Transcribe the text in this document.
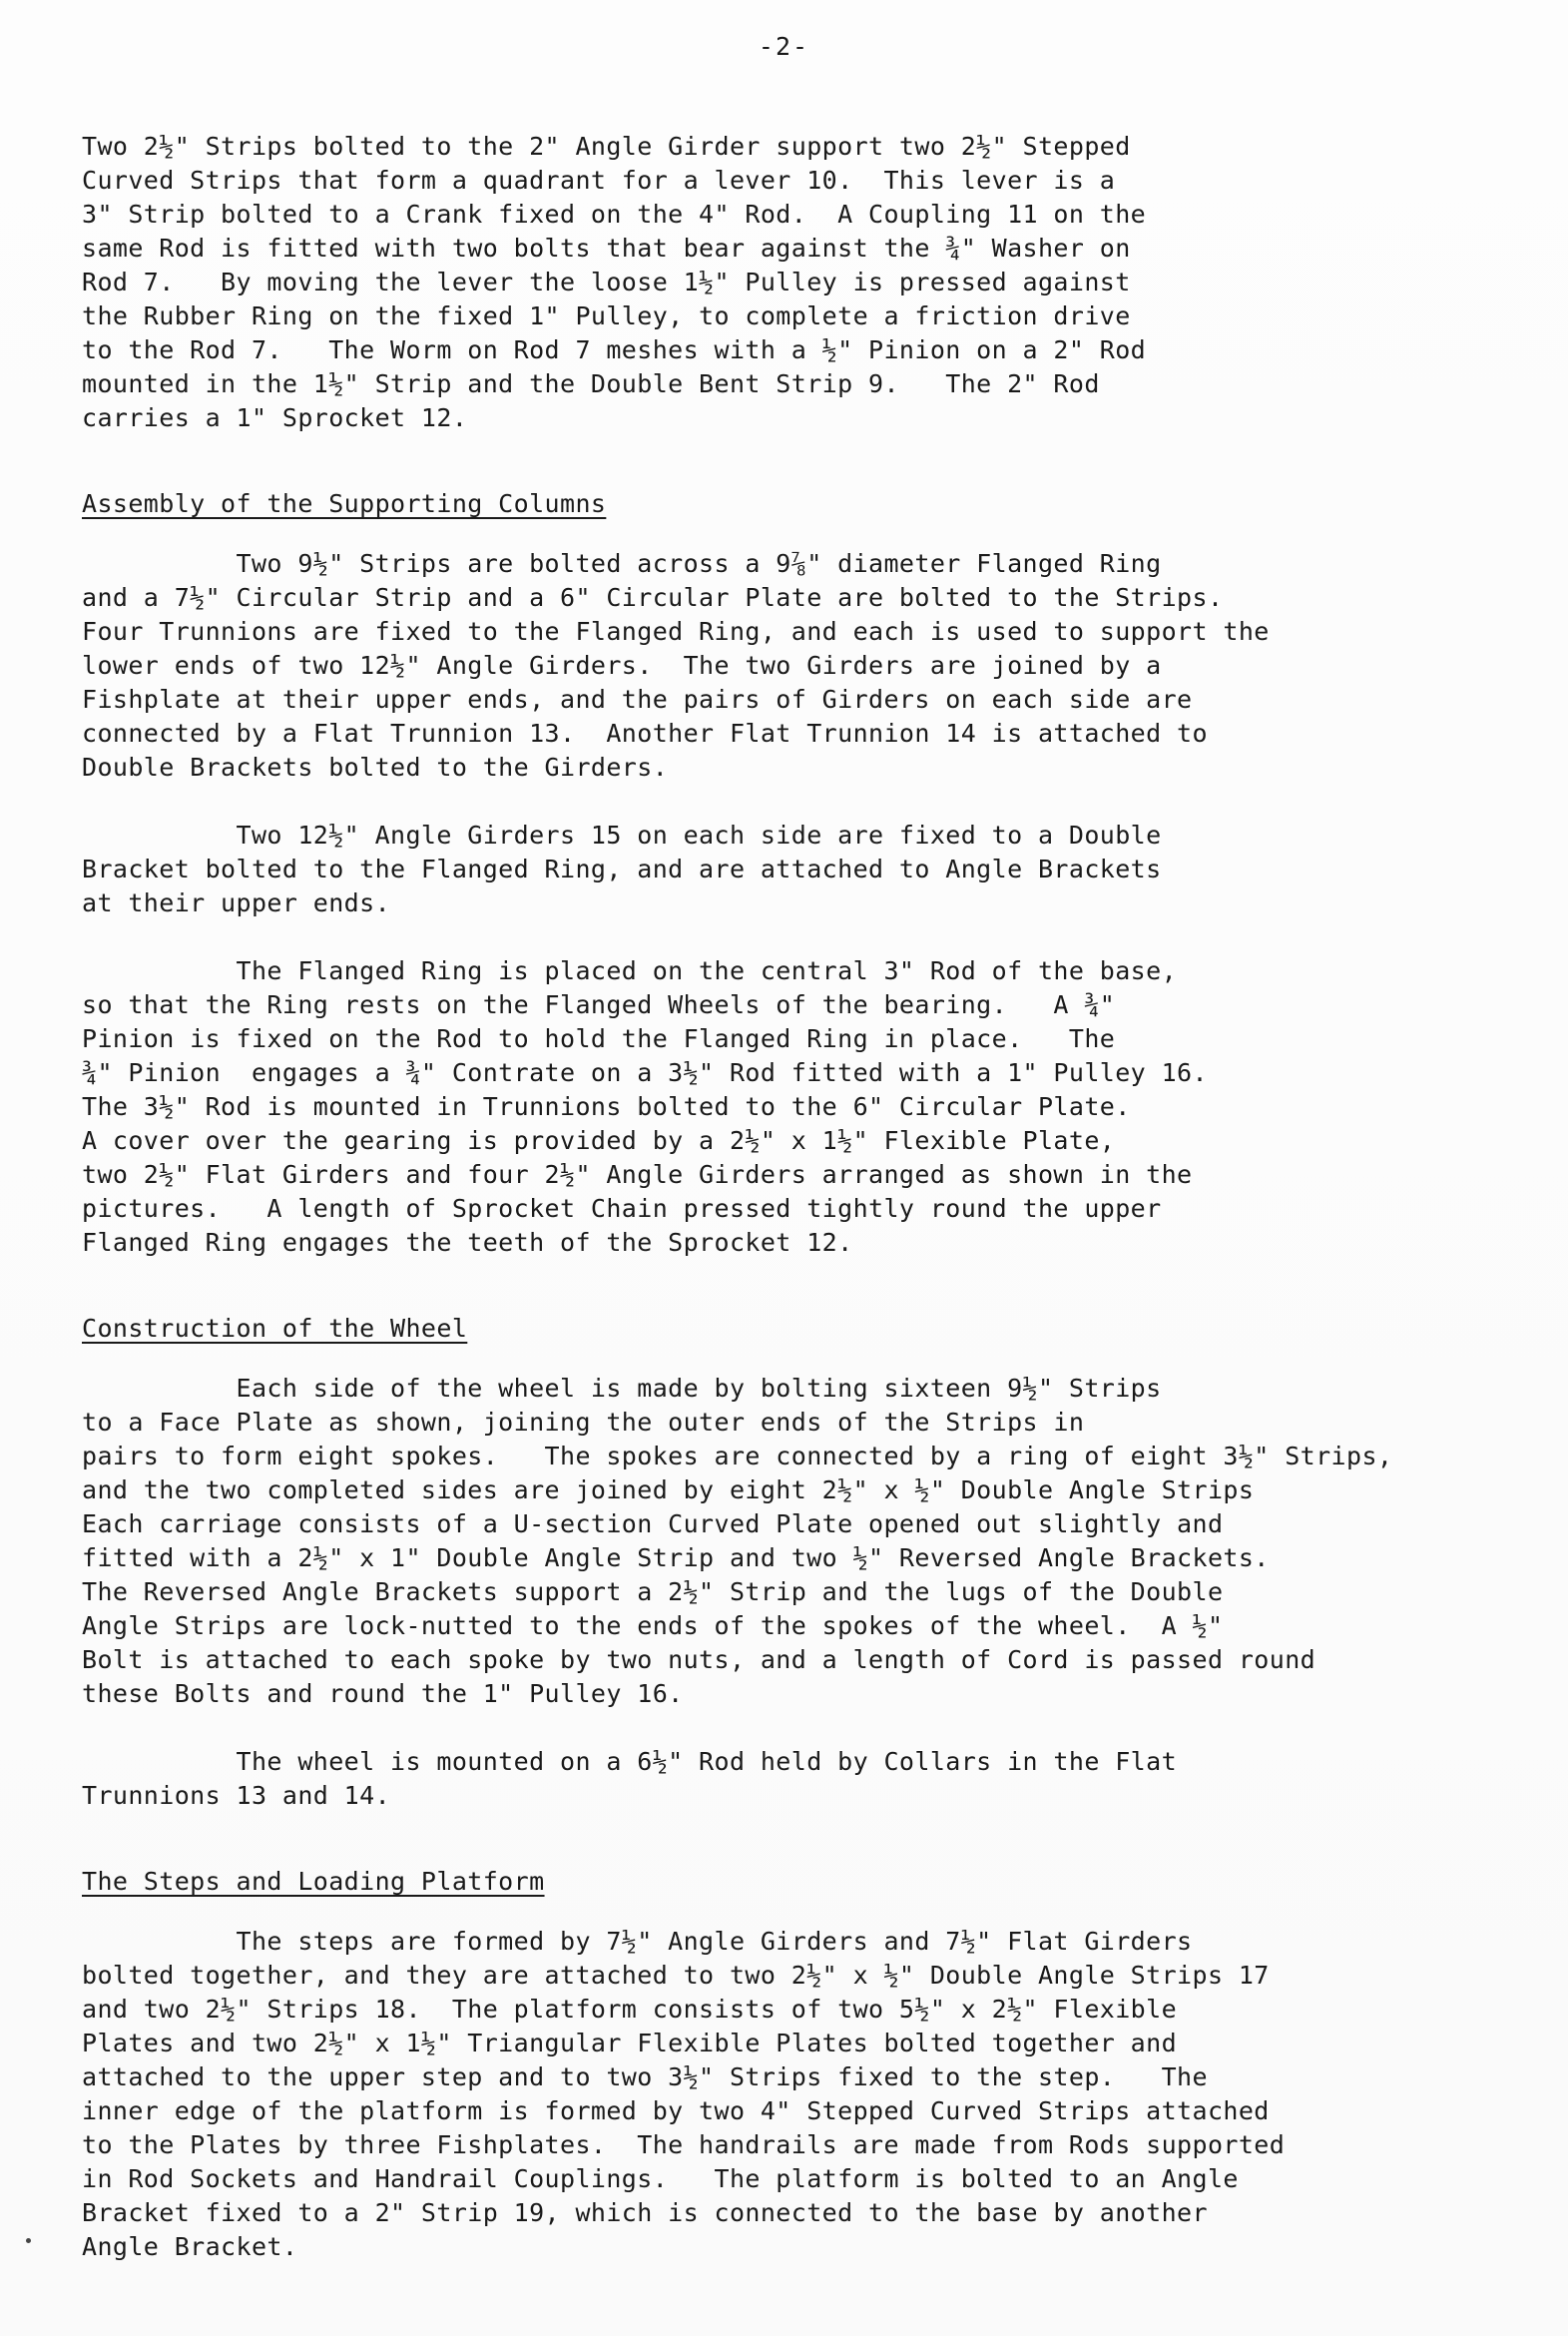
-2-

Two 2½" Strips bolted to the 2" Angle Girder support two 2½" Stepped
Curved Strips that form a quadrant for a lever 10.  This lever is a
3" Strip bolted to a Crank fixed on the 4" Rod.  A Coupling 11 on the
same Rod is fitted with two bolts that bear against the ¾" Washer on
Rod 7.   By moving the lever the loose 1½" Pulley is pressed against
the Rubber Ring on the fixed 1" Pulley, to complete a friction drive
to the Rod 7.   The Worm on Rod 7 meshes with a ½" Pinion on a 2" Rod
mounted in the 1½" Strip and the Double Bent Strip 9.   The 2" Rod
carries a 1" Sprocket 12.

Assembly of the Supporting Columns

Two 9½" Strips are bolted across a 9⅞" diameter Flanged Ring
and a 7½" Circular Strip and a 6" Circular Plate are bolted to the Strips.
Four Trunnions are fixed to the Flanged Ring, and each is used to support the
lower ends of two 12½" Angle Girders.  The two Girders are joined by a
Fishplate at their upper ends, and the pairs of Girders on each side are
connected by a Flat Trunnion 13.  Another Flat Trunnion 14 is attached to
Double Brackets bolted to the Girders.

Two 12½" Angle Girders 15 on each side are fixed to a Double
Bracket bolted to the Flanged Ring, and are attached to Angle Brackets
at their upper ends.

The Flanged Ring is placed on the central 3" Rod of the base,
so that the Ring rests on the Flanged Wheels of the bearing.   A ¾"
Pinion is fixed on the Rod to hold the Flanged Ring in place.   The
¾" Pinion  engages a ¾" Contrate on a 3½" Rod fitted with a 1" Pulley 16.
The 3½" Rod is mounted in Trunnions bolted to the 6" Circular Plate.
A cover over the gearing is provided by a 2½" x 1½" Flexible Plate,
two 2½" Flat Girders and four 2½" Angle Girders arranged as shown in the
pictures.   A length of Sprocket Chain pressed tightly round the upper
Flanged Ring engages the teeth of the Sprocket 12.

Construction of the Wheel

Each side of the wheel is made by bolting sixteen 9½" Strips
to a Face Plate as shown, joining the outer ends of the Strips in
pairs to form eight spokes.   The spokes are connected by a ring of eight 3½" Strips,
and the two completed sides are joined by eight 2½" x ½" Double Angle Strips
Each carriage consists of a U-section Curved Plate opened out slightly and
fitted with a 2½" x 1" Double Angle Strip and two ½" Reversed Angle Brackets.
The Reversed Angle Brackets support a 2½" Strip and the lugs of the Double
Angle Strips are lock-nutted to the ends of the spokes of the wheel.  A ½"
Bolt is attached to each spoke by two nuts, and a length of Cord is passed round
these Bolts and round the 1" Pulley 16.

The wheel is mounted on a 6½" Rod held by Collars in the Flat
Trunnions 13 and 14.

The Steps and Loading Platform

The steps are formed by 7½" Angle Girders and 7½" Flat Girders
bolted together, and they are attached to two 2½" x ½" Double Angle Strips 17
and two 2½" Strips 18.  The platform consists of two 5½" x 2½" Flexible
Plates and two 2½" x 1½" Triangular Flexible Plates bolted together and
attached to the upper step and to two 3½" Strips fixed to the step.   The
inner edge of the platform is formed by two 4" Stepped Curved Strips attached
to the Plates by three Fishplates.  The handrails are made from Rods supported
in Rod Sockets and Handrail Couplings.   The platform is bolted to an Angle
Bracket fixed to a 2" Strip 19, which is connected to the base by another
Angle Bracket.
